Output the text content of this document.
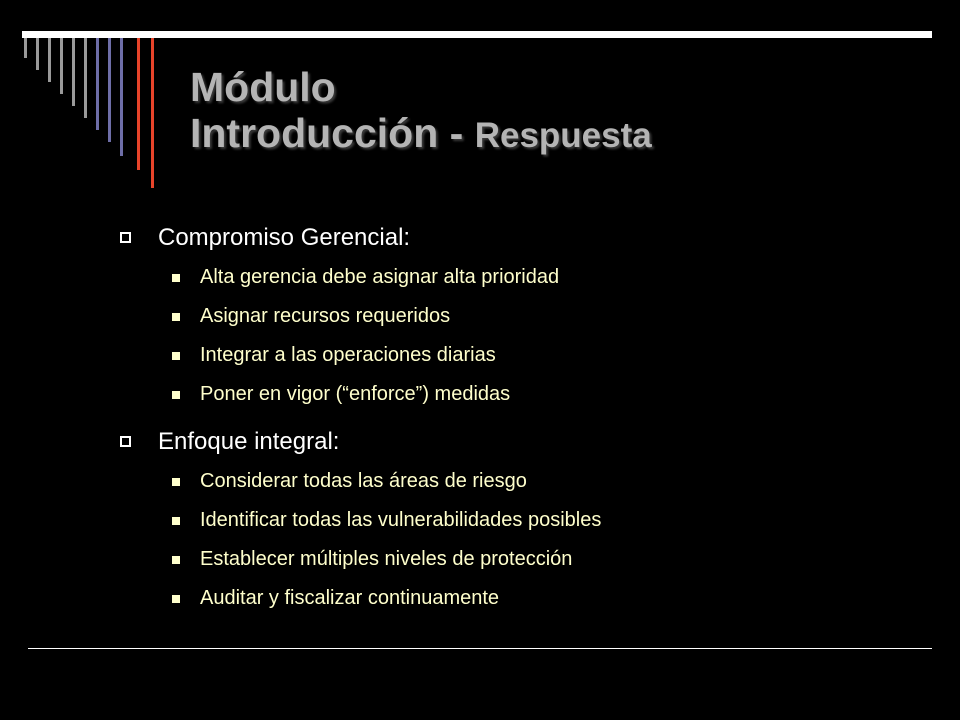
Módulo
Introducción - Respuesta
Compromiso Gerencial:
Alta gerencia debe asignar alta prioridad
Asignar recursos requeridos
Integrar a las operaciones diarias
Poner en vigor (“enforce”) medidas
Enfoque integral:
Considerar todas las áreas de riesgo
Identificar todas las vulnerabilidades posibles
Establecer múltiples niveles de protección
Auditar y fiscalizar continuamente
